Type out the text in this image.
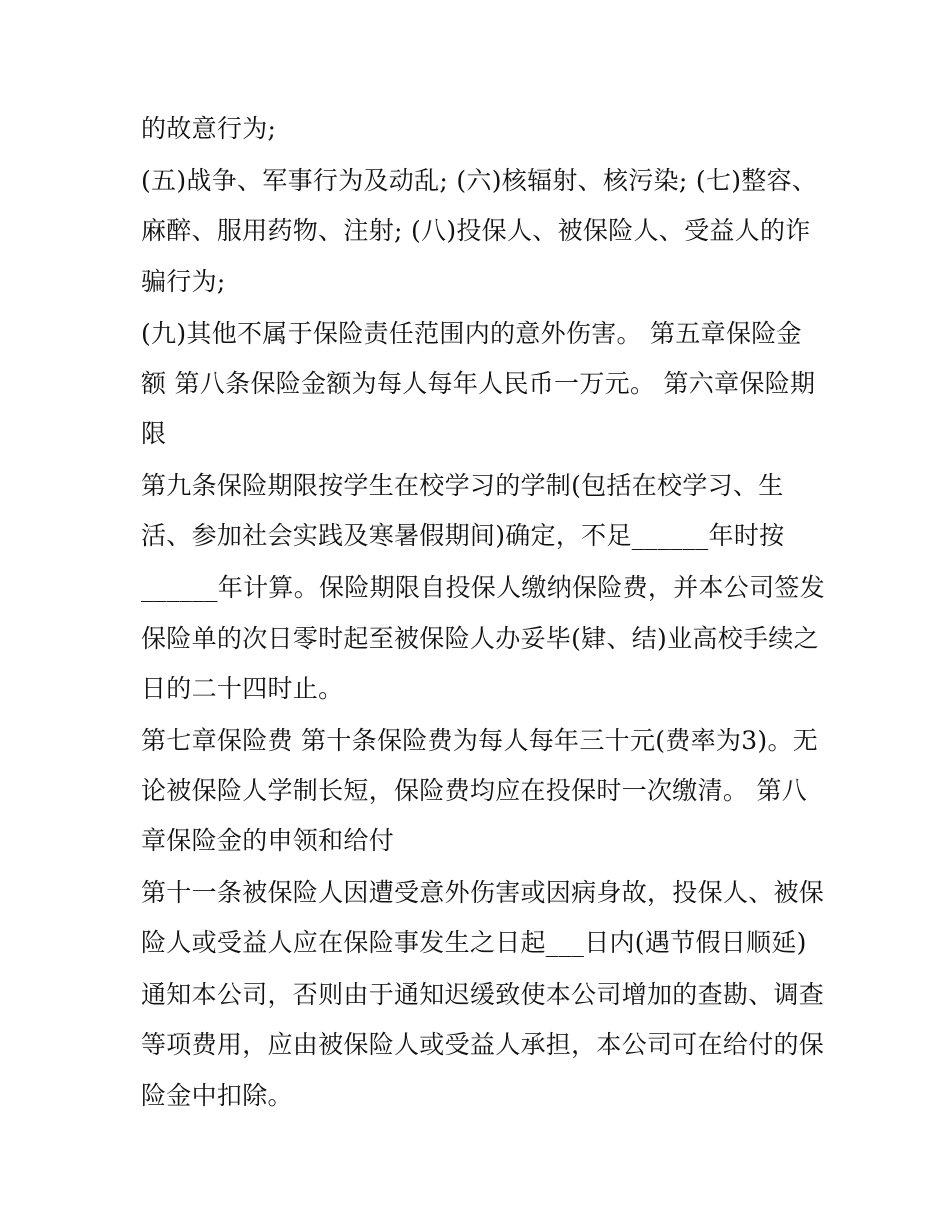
的故意行为;
(五)战争、军事行为及动乱; (六)核辐射、核污染; (七)整容、
麻醉、服用药物、注射; (八)投保人、被保险人、受益人的诈
骗行为;
(九)其他不属于保险责任范围内的意外伤害。 第五章保险金
额 第八条保险金额为每人每年人民币一万元。 第六章保险期
限
第九条保险期限按学生在校学习的学制(包括在校学习、生
活、参加社会实践及寒暑假期间)确定，不足______年时按
______年计算。保险期限自投保人缴纳保险费，并本公司签发
保险单的次日零时起至被保险人办妥毕(肄、结)业高校手续之
日的二十四时止。
第七章保险费 第十条保险费为每人每年三十元(费率为3)。无
论被保险人学制长短，保险费均应在投保时一次缴清。 第八
章保险金的申领和给付
第十一条被保险人因遭受意外伤害或因病身故，投保人、被保
险人或受益人应在保险事发生之日起___日内(遇节假日顺延)
通知本公司，否则由于通知迟缓致使本公司增加的查勘、调查
等项费用，应由被保险人或受益人承担，本公司可在给付的保
险金中扣除。
